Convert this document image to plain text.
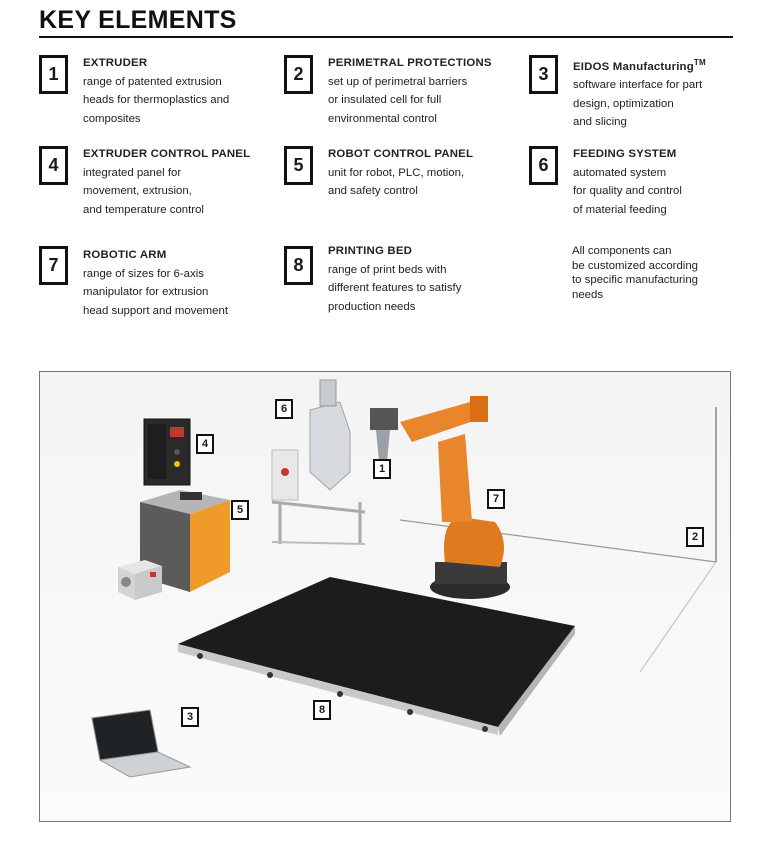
KEY ELEMENTS
1
EXTRUDER
range of patented extrusion
heads for thermoplastics and
composites
2
PERIMETRAL PROTECTIONS
set up of perimetral barriers
or insulated cell for full
environmental control
3	EIDOS Manufacturing™
software interface for part
design, optimization
and slicing
4
EXTRUDER CONTROL PANEL
integrated panel for
movement, extrusion,
and temperature control
5
ROBOT CONTROL PANEL
unit for robot, PLC, motion,
and safety control
6
FEEDING SYSTEM
automated system
for quality and control
of material feeding
7	ROBOTIC ARM
range of sizes for 6-axis
manipulator for extrusion
head support and movement
8
PRINTING BED
range of print beds with
different features to satisfy
production needs
All components can
be customized according
to specific manufacturing
needs
1
2
3
4
5
6
7
8
